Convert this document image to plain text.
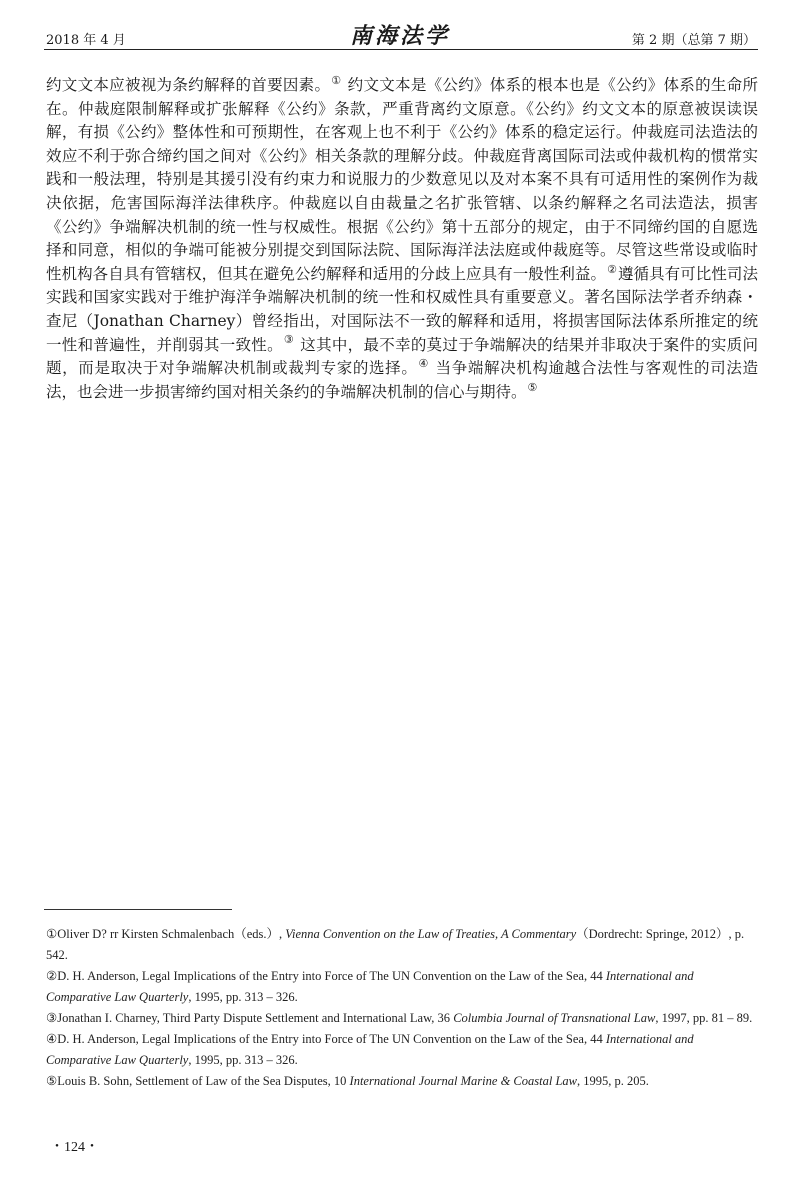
2018 年 4 月	南海法学	第 2 期（总第 7 期）
约文文本应被视为条约解释的首要因素。① 约文文本是《公约》体系的根本也是《公约》体系的生命所在。仲裁庭限制解释或扩张解释《公约》条款，严重背离约文原意。《公约》约文文本的原意被误读误解，有损《公约》整体性和可预期性，在客观上也不利于《公约》体系的稳定运行。仲裁庭司法造法的效应不利于弥合缔约国之间对《公约》相关条款的理解分歧。仲裁庭背离国际司法或仲裁机构的惯常实践和一般法理，特别是其援引没有约束力和说服力的少数意见以及对本案不具有可适用性的案例作为裁决依据，危害国际海洋法律秩序。仲裁庭以自由裁量之名扩张管辖、以条约解释之名司法造法，损害《公约》争端解决机制的统一性与权威性。根据《公约》第十五部分的规定，由于不同缔约国的自愿选择和同意，相似的争端可能被分别提交到国际法院、国际海洋法法庭或仲裁庭等。尽管这些常设或临时性机构各自具有管辖权，但其在避免公约解释和适用的分歧上应具有一般性利益。②遵循具有可比性司法实践和国家实践对于维护海洋争端解决机制的统一性和权威性具有重要意义。著名国际法学者乔纳森・查尼（Jonathan Charney）曾经指出，对国际法不一致的解释和适用，将损害国际法体系所推定的统一性和普遍性，并削弱其一致性。③ 这其中，最不幸的莫过于争端解决的结果并非取决于案件的实质问题，而是取决于对争端解决机制或裁判专家的选择。④ 当争端解决机构逾越合法性与客观性的司法造法，也会进一步损害缔约国对相关条约的争端解决机制的信心与期待。⑤

①Oliver D? rr Kirsten Schmalenbach（eds.）, Vienna Convention on the Law of Treaties, A Commentary（Dordrecht: Springe, 2012）, p. 542.

②D. H. Anderson, Legal Implications of the Entry into Force of The UN Convention on the Law of the Sea, 44 International and Comparative Law Quarterly, 1995, pp. 313 – 326.

③Jonathan I. Charney, Third Party Dispute Settlement and International Law, 36 Columbia Journal of Transnational Law, 1997, pp. 81 – 89.

④D. H. Anderson, Legal Implications of the Entry into Force of The UN Convention on the Law of the Sea, 44 International and Comparative Law Quarterly, 1995, pp. 313 – 326.

⑤Louis B. Sohn, Settlement of Law of the Sea Disputes, 10 International Journal Marine & Coastal Law, 1995, p. 205.

・124・
